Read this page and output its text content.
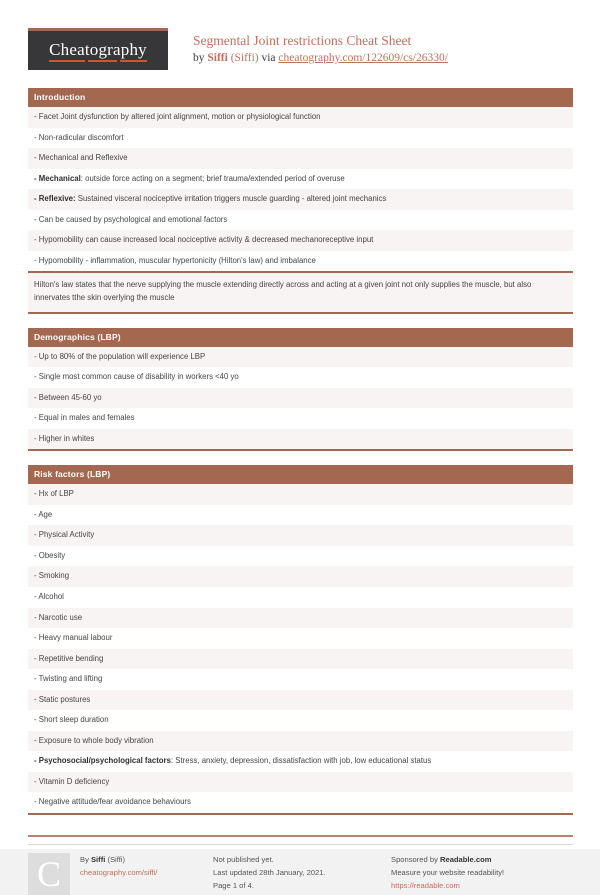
Cheatography	Segmental Joint restrictions Cheat Sheet
by Siffi (Siffi) via cheatography.com/122609/cs/26330/
Introduction
- Facet Joint dysfunction by altered joint alignment, motion or physiological function
- Non-radicular discomfort
- Mechanical and Reflexive
- Mechanical: outside force acting on a segment; brief trauma/extended period of overuse
- Reflexive: Sustained visceral nociceptive irritation triggers muscle guarding - altered joint mechanics
- Can be caused by psychological and emotional factors
- Hypomobility can cause increased local nociceptive activity & decreased mechanoreceptive input
- Hypomobility - inflammation, muscular hypertonicity (Hilton's law) and imbalance
Hilton's law states that the nerve supplying the muscle extending directly across and acting at a given joint not only supplies the muscle, but also innervates tthe skin overlying the muscle
Demographics (LBP)
- Up to 80% of the population will experience LBP
- Single most common cause of disability in workers <40 yo
- Between 45-60 yo
- Equal in males and females
- Higher in whites
Risk factors (LBP)
- Hx of LBP
- Age
- Physical Activity
- Obesity
- Smoking
- Alcohol
- Narcotic use
- Heavy manual labour
- Repetitive bending
- Twisting and lifting
- Static postures
- Short sleep duration
- Exposure to whole body vibration
- Psychosocial/psychological factors: Stress, anxiety, depression, dissatisfaction with job, low educational status
- Vitamin D deficiency
- Negative attitude/fear avoidance behaviours
C	By Siffi (Siffi)
cheatography.com/siffi/
Not published yet.
Last updated 28th January, 2021.
Page 1 of 4.
Sponsored by Readable.com
Measure your website readability!
https://readable.com
